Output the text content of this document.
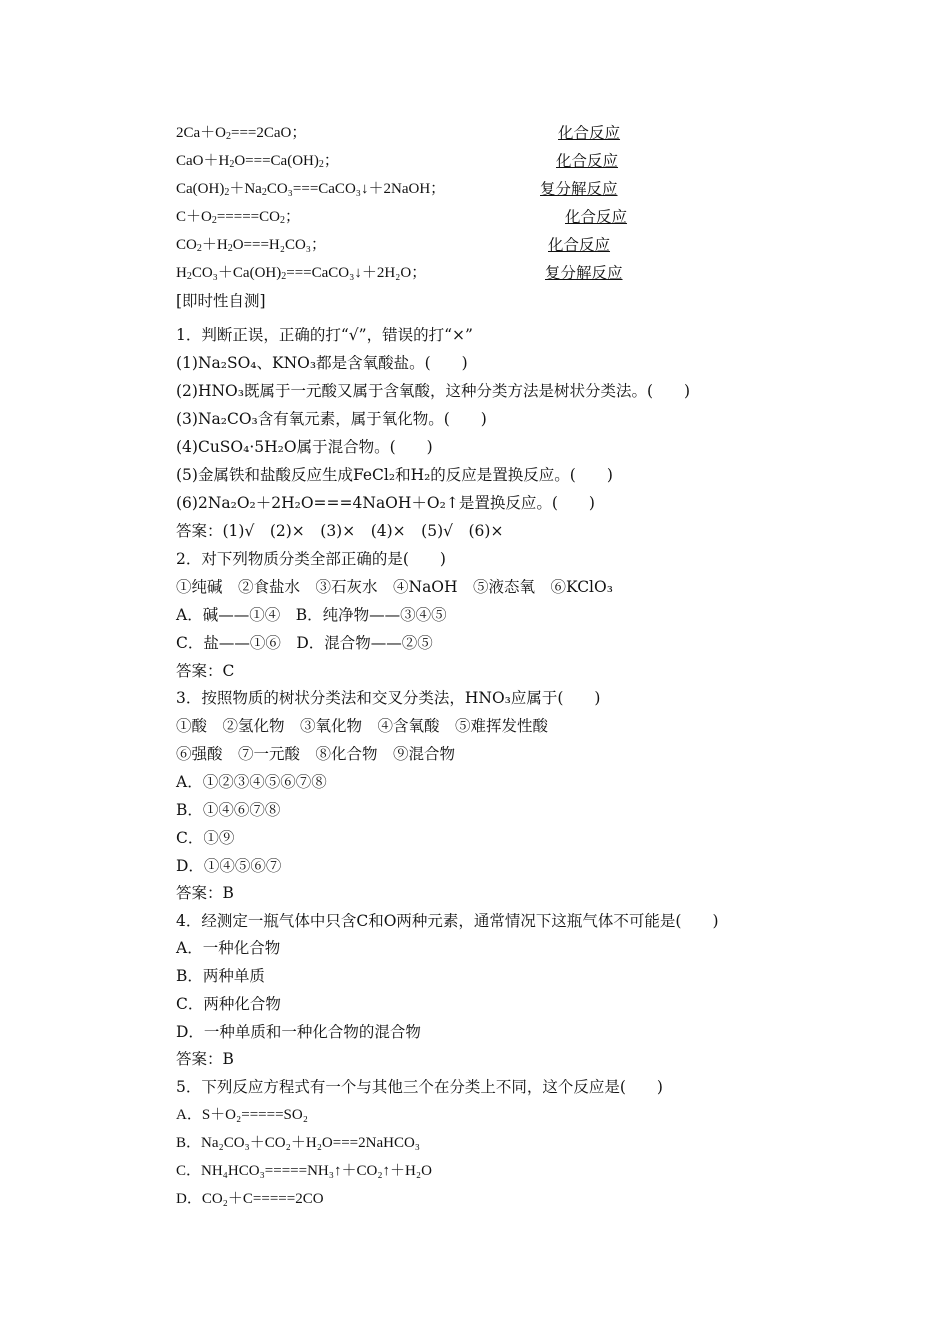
$2Ca+O_2===2CaO$；	化合反应
$CaO+H_2O===Ca(OH)_2$；	化合反应
$Ca(OH)_2+Na_2CO_3===CaCO_3↓+2NaOH$；	复分解反应
$C+O_2=====CO_2$；	化合反应
$CO_2+H_2O===H_2CO_3$；	化合反应
$H_2CO_3+Ca(OH)_2===CaCO_3↓+2H_2O$；	复分解反应
[即时性自测]
1．判断正误，正确的打“√”，错误的打“×”
(1)Na₂SO₄、KNO₃都是含氧酸盐。(　　)
(2)HNO₃既属于一元酸又属于含氧酸，这种分类方法是树状分类法。(　　)
(3)Na₂CO₃含有氧元素，属于氧化物。(　　)
(4)CuSO₄·5H₂O属于混合物。(　　)
(5)金属铁和盐酸反应生成FeCl₂和H₂的反应是置换反应。(　　)
(6)2Na₂O₂＋2H₂O===4NaOH＋O₂↑是置换反应。(　　)
答案：(1)√　(2)×　(3)×　(4)×　(5)√　(6)×
2．对下列物质分类全部正确的是(　　)
①纯碱　②食盐水　③石灰水　④NaOH　⑤液态氧　⑥KClO₃
A．碱——①④　B．纯净物——③④⑤
C．盐——①⑥　D．混合物——②⑤
答案：C
3．按照物质的树状分类法和交叉分类法，HNO₃应属于(　　)
①酸　②氢化物　③氧化物　④含氧酸　⑤难挥发性酸
⑥强酸　⑦一元酸　⑧化合物　⑨混合物
A．①②③④⑤⑥⑦⑧
B．①④⑥⑦⑧
C．①⑨
D．①④⑤⑥⑦
答案：B
4．经测定一瓶气体中只含C和O两种元素，通常情况下这瓶气体不可能是(　　)
A．一种化合物
B．两种单质
C．两种化合物
D．一种单质和一种化合物的混合物
答案：B
5．下列反应方程式有一个与其他三个在分类上不同，这个反应是(　　)
A．S＋O₂=====SO₂
B．Na₂CO₃＋CO₂＋H₂O===2NaHCO₃
C．NH₄HCO₃=====NH₃↑＋CO₂↑＋H₂O
D．CO₂＋C=====2CO
